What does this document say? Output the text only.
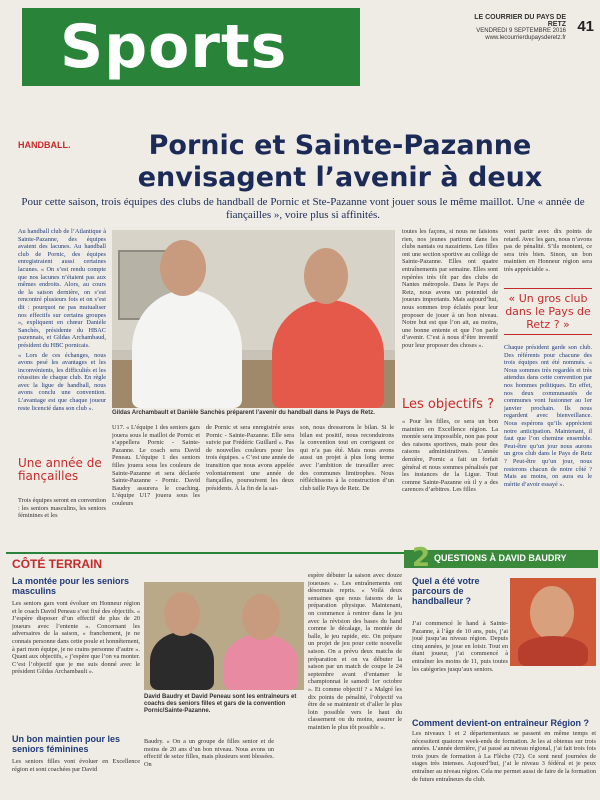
Sports	LE COURRIER DU PAYS DE RETZ
VENDREDI 9 SEPTEMBRE 2016
www.lecourrierdupaysderetz.fr
41
HANDBALL.	Pornic et Sainte-Pazanne
envisagent l’avenir à deux
Pour cette saison, trois équipes des clubs de handball de Pornic et Ste-Pazanne vont jouer sous le même maillot. Une « année de fiançailles », voire plus si affinités.

Au handball club de l’Atlantique à Sainte-Pazanne, des équipes avaient des lacunes. Au handball club de Pornic, des équipes enregistraient aussi certaines lacunes. « On s’est rendu compte que nos lacunes n’étaient pas aux mêmes endroits. Alors, au cours de la saison dernière, on s’est rencontré plusieurs fois et on s’est dit : pourquoi ne pas mutualiser nos effectifs sur certains groupes », expliquent en chœur Danièle Sanchès, présidente du HBAC pazennais, et Gildas Archambaud, président du HBC pornicais.

« Lors de ces échanges, nous avons pesé les avantages et les inconvénients, les difficultés et les réussites de chaque club. En règle avec la ligue de handball, nous avons conclu une convention. L’avantage est que chaque joueur reste licencié dans son club ».

Une année de fiançailles

Trois équipes seront en convention : les seniors masculins, les seniors féminines et les

Gildas Archambault et Danièle Sanchès préparent l’avenir du handball dans le Pays de Retz.

U17. « L’équipe 1 des seniors gars jouera sous le maillot de Pornic et s’appellera Pornic - Sainte-Pazanne. Le coach sera David Peneau. L’équipe 1 des seniors filles jouera sous les couleurs de Sainte-Pazanne et sera déclarée Sainte-Pazanne - Pornic. David Baudry assurera le coaching. L’équipe U17 jouera sous les couleurs

de Pornic et sera enregistrée sous Pornic - Sainte-Pazanne. Elle sera suivie par Frédéric Guillard ». Pas de nouvelles couleurs pour les trois équipes. « C’est une année de transition que nous avons appelée volontairement une année de fiançailles, poursuivent les deux présidents. À la fin de la sai-

son, nous dresserons le bilan. Si le bilan est positif, nous reconduirons la convention tout en corrigeant ce qui n’a pas été. Mais nous avons aussi un projet à plus long terme avec l’ambition de travailler avec des communes limitrophes. Nous réfléchissons à la construction d’un club taille Pays de Retz. De

toutes les façons, si nous ne faisions rien, nos jeunes partiront dans les clubs nantais ou nazairiens. Les filles ont une section sportive au collège de Sainte-Pazanne. Elles ont quatre entraînements par semaine. Elles sont repérées très tôt par des clubs de Nantes métropole. Dans le Pays de Retz, nous avons un potentiel de joueurs importants. Mais aujourd’hui, nous sommes trop éclatés pour leur proposer de jouer à un bon niveau. Notre but est que l’on ait, au moins, une bonne entente et que l’on parle d’avenir. C’est à nous d’être inventif pour leur proposer des choses ».

Les objectifs ?

« Pour les filles, ce sera un bon maintien en Excellence région. La montée sera impossible, non pas pour des raisons sportives, mais pour des raisons administratives. L’année dernière, Pornic a fait un forfait général et nous sommes pénalisés par les instances de la Ligue. Tout comme Sainte-Pazanne où il y a des carences d’arbitres. Les filles

vont partir avec dix points de retard. Avec les gars, nous n’avons pas de pénalité. S’ils montent, ce sera très bien. Sinon, un bon maintien en Honneur région sera très appréciable ».

« Un gros club dans le Pays de Retz ? »

Chaque président garde son club. Des référents pour chacune des trois équipes ont été nommés. « Nous sommes très regardés et très attendus dans cette convention par nos hommes politiques. En effet, nos deux communautés de communes vont fusionner au 1er janvier prochain. Ils nous regardent avec bienveillance. Nous espérons qu’ils apprécient notre anticipation. Maintenant, il faut que l’on chemine ensemble. Peut-être qu’un jour nous aurons un gros club dans le Pays de Retz ? Peut-être qu’un jour, nous resterons chacun de notre côté ? Mais au moins, on aura eu le mérite d’avoir essayé ».

CÔTÉ TERRAIN
La montée pour les seniors masculins

Les seniors gars vont évoluer en Honneur région et le coach David Peneau s’est fixé des objectifs. « J’espère disposer d’un effectif de plus de 20 joueurs avec l’entente ». Concernant les adversaires de la saison, « franchement, je ne connais personne dans cette poule et honnêtement, à part mon équipe, je ne crains personne d’autre ». Quant aux objectifs, « j’espère que l’on va monter. C’est l’objectif que je me suis donné avec le président Gildas Archambault ».

Un bon maintien pour les seniors féminines

Les seniors filles vont évoluer en Excellence région et sont coachées par David

David Baudry et David Peneau sont les entraîneurs et coachs des seniors filles et gars de la convention Pornic/Sainte-Pazanne.

Baudry. « On a un groupe de filles senior et de moins de 20 ans d’un bon niveau. Nous avons un effectif de seize filles, mais plusieurs sont blessées. On

espère débuter la saison avec douze joueuses ». Les entraînements ont désormais repris. « Voilà deux semaines que nous faisons de la préparation physique. Maintenant, on commence à rentrer dans le jeu avec la révision des bases du hand comme le décalage, la montée de balle, le jeu rapide, etc. On prépare un projet de jeu pour cette nouvelle saison. On a prévu deux matchs de préparation et on va débuter la saison par un match de coupe le 24 septembre avant d’entamer le championnat le samedi 1er octobre ». Et comme objectif ? « Malgré les dix points de pénalité, l’objectif va être de se maintenir et d’aller le plus loin possible vers le haut du classement ou du moins, assurer le maintien le plus tôt possible ».

2 QUESTIONS À DAVID BAUDRY
Quel a été votre parcours de handballeur ?

J’ai commencé le hand à Sainte-Pazanne, à l’âge de 10 ans, puis, j’ai joué jusqu’au niveau région. Depuis cinq années, je joue en loisir. Tout en étant joueur, j’ai commencé à entraîner les moins de 11, puis toutes les catégories jusqu’aux seniors.

Comment devient-on entraîneur Région ?

Les niveaux 1 et 2 départementaux se passent en même temps et nécessitent quatorze week-ends de formation. Je les ai obtenus sur trois années. L’année dernière, j’ai passé au niveau régional, j’ai fait trois fois trois jours de formation à La Flèche (72). Ce sont neuf journées de stages très intenses. Aujourd’hui, j’ai le niveau 3 fédéral et je peux entraîner au niveau région. Cela me permet aussi de faire de la formation de futurs entraîneurs du club.
